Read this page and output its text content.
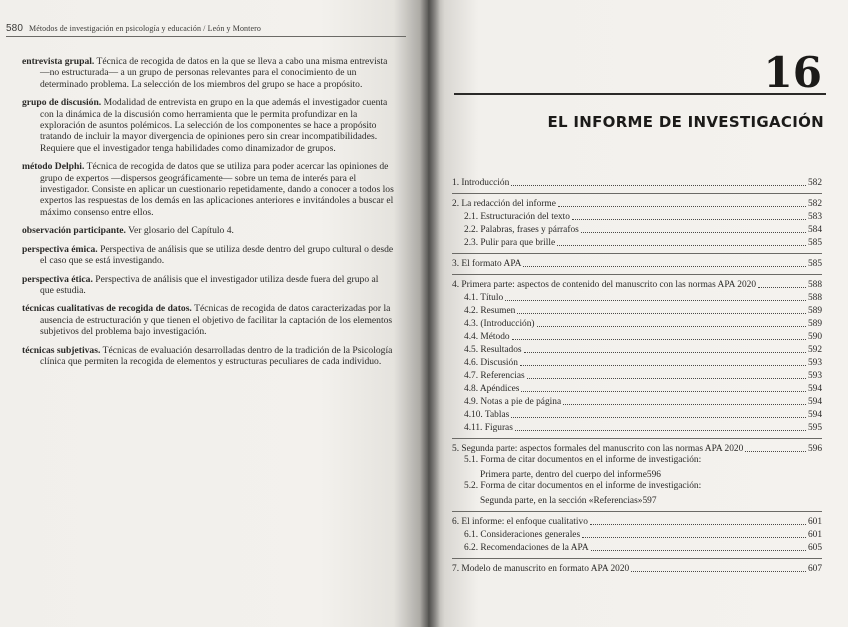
580 Métodos de investigación en psicología y educación / León y Montero

entrevista grupal. Técnica de recogida de datos en la que se lleva a cabo una misma entrevista —no estructurada— a un grupo de personas relevantes para el conocimiento de un determinado problema. La selección de los miembros del grupo se hace a propósito.

grupo de discusión. Modalidad de entrevista en grupo en la que además el investigador cuenta con la dinámica de la discusión como herramienta que le permita profundizar en la exploración de asuntos polémicos. La selección de los componentes se hace a propósito tratando de incluir la mayor divergencia de opiniones pero sin crear incompatibilidades. Requiere que el investigador tenga habilidades como dinamizador de grupos.

método Delphi. Técnica de recogida de datos que se utiliza para poder acercar las opiniones de grupo de expertos —dispersos geográficamente— sobre un tema de interés para el investigador. Consiste en aplicar un cuestionario repetidamente, dando a conocer a todos los expertos las respuestas de los demás en las aplicaciones anteriores e invitándoles a buscar el máximo consenso entre ellos.

observación participante. Ver glosario del Capítulo 4.

perspectiva émica. Perspectiva de análisis que se utiliza desde dentro del grupo cultural o desde el caso que se está investigando.

perspectiva ética. Perspectiva de análisis que el investigador utiliza desde fuera del grupo al que estudia.

técnicas cualitativas de recogida de datos. Técnicas de recogida de datos caracterizadas por la ausencia de estructuración y que tienen el objetivo de facilitar la captación de los elementos subjetivos del problema bajo investigación.

técnicas subjetivas. Técnicas de evaluación desarrolladas dentro de la tradición de la Psicología clínica que permiten la recogida de elementos y estructuras peculiares de cada individuo.

16
EL INFORME DE INVESTIGACIÓN
1. Introducción	582
2. La redacción del informe	582
2.1. Estructuración del texto	583
2.2. Palabras, frases y párrafos	584
2.3. Pulir para que brille	585
3. El formato APA	585
4. Primera parte: aspectos de contenido del manuscrito con las normas APA 2020	588
4.1. Título	588
4.2. Resumen	589
4.3. (Introducción)	589
4.4. Método	590
4.5. Resultados	592
4.6. Discusión	593
4.7. Referencias	593
4.8. Apéndices	594
4.9. Notas a pie de página	594
4.10. Tablas	594
4.11. Figuras	595
5. Segunda parte: aspectos formales del manuscrito con las normas APA 2020	596
5.1. Forma de citar documentos en el informe de investigación:
Primera parte, dentro del cuerpo del informe 596
5.2. Forma de citar documentos en el informe de investigación:
Segunda parte, en la sección «Referencias» 597
6. El informe: el enfoque cualitativo	601
6.1. Consideraciones generales	601
6.2. Recomendaciones de la APA	605
7. Modelo de manuscrito en formato APA 2020	607
